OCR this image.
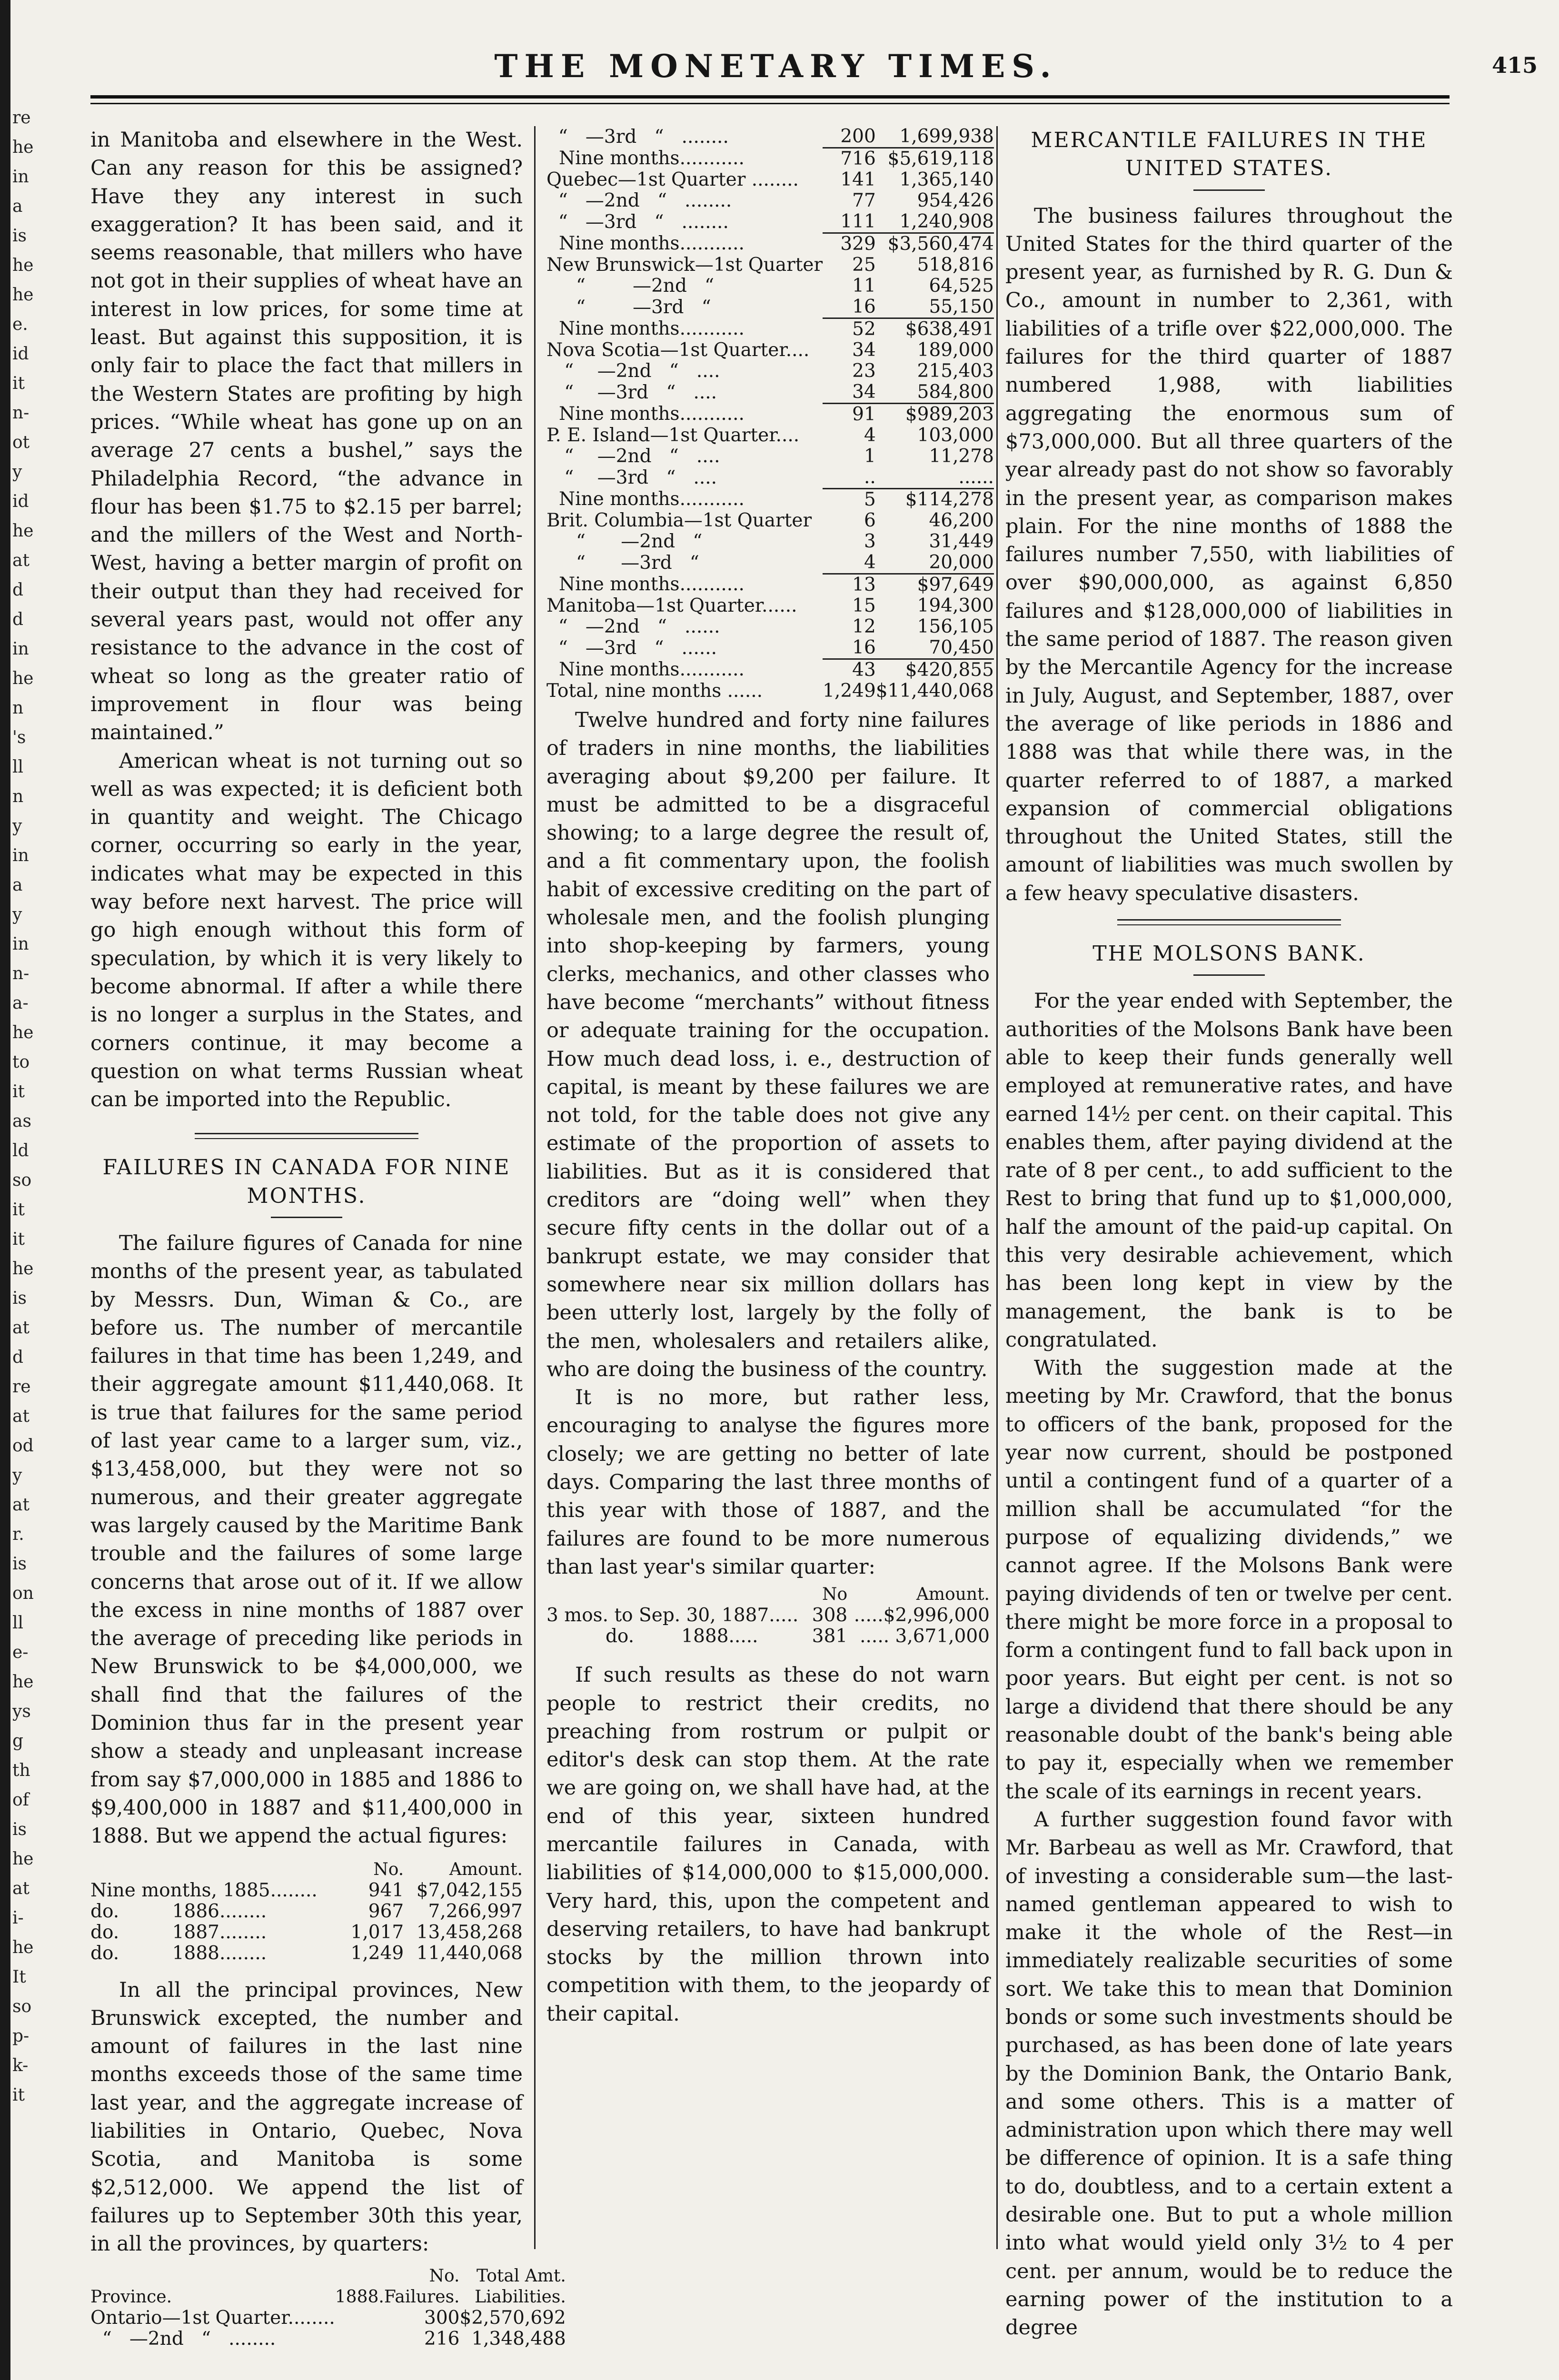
re
he
in
a
is
he
he
e.
id
it
n-
ot
y
id
he
at
d
d
in
he
n
's
ll
n
y
in
a
y
in
n-
a-
he
to
it
as
ld
so
it
it
he
is
at
d
re
at
od
y
at
r.
is
on
ll
e-
he
ys
g
th
of
is
he
at
i-
he
It
so
p-
k-
it
THE MONETARY TIMES.	415

in Manitoba and elsewhere in the West. Can any reason for this be assigned? Have they any interest in such exaggeration? It has been said, and it seems reasonable, that millers who have not got in their supplies of wheat have an interest in low prices, for some time at least. But against this supposition, it is only fair to place the fact that millers in the Western States are profiting by high prices. “While wheat has gone up on an average 27 cents a bushel,” says the Philadelphia Record, “the advance in flour has been $1.75 to $2.15 per barrel; and the millers of the West and North-West, having a better margin of profit on their output than they had received for several years past, would not offer any resistance to the advance in the cost of wheat so long as the greater ratio of improvement in flour was being maintained.”

American wheat is not turning out so well as was expected; it is deficient both in quantity and weight. The Chicago corner, occurring so early in the year, indicates what may be expected in this way before next harvest. The price will go high enough without this form of speculation, by which it is very likely to become abnormal. If after a while there is no longer a surplus in the States, and corners continue, it may become a question on what terms Russian wheat can be imported into the Republic.

FAILURES IN CANADA FOR NINE MONTHS.

The failure figures of Canada for nine months of the present year, as tabulated by Messrs. Dun, Wiman & Co., are before us. The number of mercantile failures in that time has been 1,249, and their aggregate amount $11,440,068. It is true that failures for the same period of last year came to a larger sum, viz., $13,458,000, but they were not so numerous, and their greater aggregate was largely caused by the Maritime Bank trouble and the failures of some large concerns that arose out of it. If we allow the excess in nine months of 1887 over the average of preceding like periods in New Brunswick to be $4,000,000, we shall find that the failures of the Dominion thus far in the present year show a steady and unpleasant increase from say $7,000,000 in 1885 and 1886 to $9,400,000 in 1887 and $11,400,000 in 1888. But we append the actual figures:

	No.	Amount.
Nine months, 1885........	941	$7,042,155
do.         1886........	967	7,266,997
do.         1887........	1,017	13,458,268
do.         1888........	1,249	11,440,068

In all the principal provinces, New Brunswick excepted, the number and amount of failures in the last nine months exceeds those of the same time last year, and the aggregate increase of liabilities in Ontario, Quebec, Nova Scotia, and Manitoba is some $2,512,000. We append the list of failures up to September 30th this year, in all the provinces, by quarters:

		No.	Total Amt.
Province.	1888.	Failures.	Liabilities.
Ontario—1st Quarter........		300	$2,570,692
“   —2nd   “   ........		216	1,348,488
“   —3rd   “   ........	200	1,699,938
Nine months...........	716	$5,619,118
Quebec—1st Quarter ........	141	1,365,140
“   —2nd   “   ........	77	954,426
“   —3rd   “   ........	111	1,240,908
Nine months...........	329	$3,560,474
New Brunswick—1st Quarter	25	518,816
“        —2nd   “	11	64,525
“        —3rd   “	16	55,150
Nine months...........	52	$638,491
Nova Scotia—1st Quarter....	34	189,000
“    —2nd   “   ....	23	215,403
“    —3rd   “   ....	34	584,800
Nine months...........	91	$989,203
P. E. Island—1st Quarter....	4	103,000
“    —2nd   “   ....	1	11,278
“    —3rd   “   ....	..	......
Nine months...........	5	$114,278
Brit. Columbia—1st Quarter	6	46,200
“      —2nd   “	3	31,449
“      —3rd   “	4	20,000
Nine months...........	13	$97,649
Manitoba—1st Quarter......	15	194,300
“   —2nd   “   ......	12	156,105
“   —3rd   “   ......	16	70,450
Nine months...........	43	$420,855
Total, nine months ......	1,249	$11,440,068

Twelve hundred and forty nine failures of traders in nine months, the liabilities averaging about $9,200 per failure. It must be admitted to be a disgraceful showing; to a large degree the result of, and a fit commentary upon, the foolish habit of excessive crediting on the part of wholesale men, and the foolish plunging into shop-keeping by farmers, young clerks, mechanics, and other classes who have become “merchants” without fitness or adequate training for the occupation. How much dead loss, i. e., destruction of capital, is meant by these failures we are not told, for the table does not give any estimate of the proportion of assets to liabilities. But as it is considered that creditors are “doing well” when they secure fifty cents in the dollar out of a bankrupt estate, we may consider that somewhere near six million dollars has been utterly lost, largely by the folly of the men, wholesalers and retailers alike, who are doing the business of the country.

It is no more, but rather less, encouraging to analyse the figures more closely; we are getting no better of late days. Comparing the last three months of this year with those of 1887, and the failures are found to be more numerous than last year's similar quarter:

	No	Amount.
3 mos. to Sep. 30, 1887.....	308	.....$2,996,000
do.        1888.....	381	..... 3,671,000

If such results as these do not warn people to restrict their credits, no preaching from rostrum or pulpit or editor's desk can stop them. At the rate we are going on, we shall have had, at the end of this year, sixteen hundred mercantile failures in Canada, with liabilities of $14,000,000 to $15,000,000. Very hard, this, upon the competent and deserving retailers, to have had bankrupt stocks by the million thrown into competition with them, to the jeopardy of their capital.

MERCANTILE FAILURES IN THE UNITED STATES.

The business failures throughout the United States for the third quarter of the present year, as furnished by R. G. Dun & Co., amount in number to 2,361, with liabilities of a trifle over $22,000,000. The failures for the third quarter of 1887 numbered 1,988, with liabilities aggregating the enormous sum of $73,000,000. But all three quarters of the year already past do not show so favorably in the present year, as comparison makes plain. For the nine months of 1888 the failures number 7,550, with liabilities of over $90,000,000, as against 6,850 failures and $128,000,000 of liabilities in the same period of 1887. The reason given by the Mercantile Agency for the increase in July, August, and September, 1887, over the average of like periods in 1886 and 1888 was that while there was, in the quarter referred to of 1887, a marked expansion of commercial obligations throughout the United States, still the amount of liabilities was much swollen by a few heavy speculative disasters.

THE MOLSONS BANK.

For the year ended with September, the authorities of the Molsons Bank have been able to keep their funds generally well employed at remunerative rates, and have earned 14½ per cent. on their capital. This enables them, after paying dividend at the rate of 8 per cent., to add sufficient to the Rest to bring that fund up to $1,000,000, half the amount of the paid-up capital. On this very desirable achievement, which has been long kept in view by the management, the bank is to be congratulated.

With the suggestion made at the meeting by Mr. Crawford, that the bonus to officers of the bank, proposed for the year now current, should be postponed until a contingent fund of a quarter of a million shall be accumulated “for the purpose of equalizing dividends,” we cannot agree. If the Molsons Bank were paying dividends of ten or twelve per cent. there might be more force in a proposal to form a contingent fund to fall back upon in poor years. But eight per cent. is not so large a dividend that there should be any reasonable doubt of the bank's being able to pay it, especially when we remember the scale of its earnings in recent years.

A further suggestion found favor with Mr. Barbeau as well as Mr. Crawford, that of investing a considerable sum—the last-named gentleman appeared to wish to make it the whole of the Rest—in immediately realizable securities of some sort. We take this to mean that Dominion bonds or some such investments should be purchased, as has been done of late years by the Dominion Bank, the Ontario Bank, and some others. This is a matter of administration upon which there may well be difference of opinion. It is a safe thing to do, doubtless, and to a certain extent a desirable one. But to put a whole million into what would yield only 3½ to 4 per cent. per annum, would be to reduce the earning power of the institution to a degree
